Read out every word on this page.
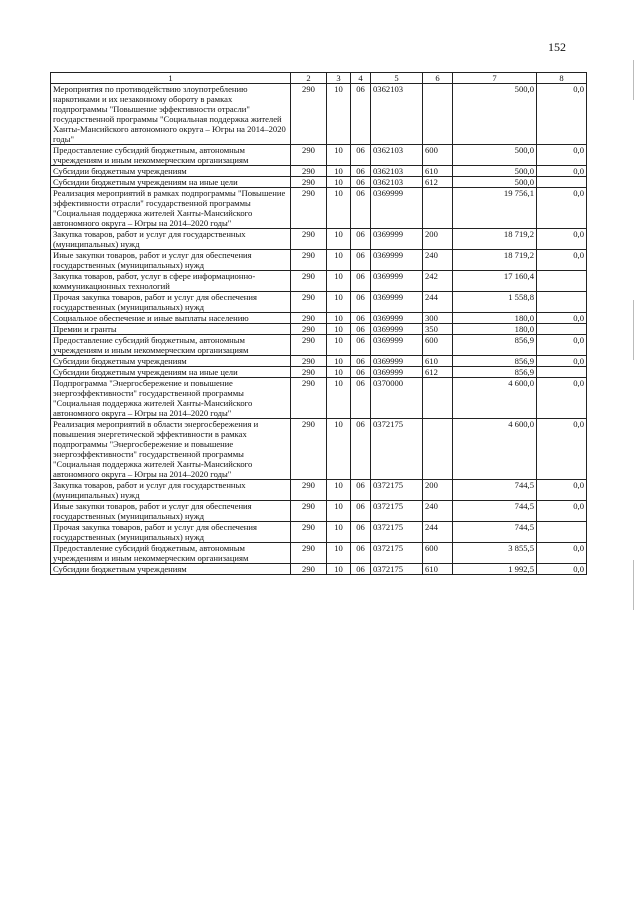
152
1	2	3	4	5	6	7	8
Мероприятия по противодействию злоупотреблению наркотиками и их незаконному обороту в рамках подпрограммы "Повышение эффективности отрасли" государственной программы "Социальная поддержка жителей Ханты-Мансийского автономного округа – Югры на 2014–2020 годы"	290	10	06	0362103		500,0	0,0
Предоставление субсидий бюджетным, автономным учреждениям и иным некоммерческим организациям	290	10	06	0362103	600	500,0	0,0
Субсидии бюджетным учреждениям	290	10	06	0362103	610	500,0	0,0
Субсидии бюджетным учреждениям на иные цели	290	10	06	0362103	612	500,0	
Реализация мероприятий в рамках подпрограммы "Повышение эффективности отрасли" государственной программы "Социальная поддержка жителей Ханты-Мансийского автономного округа – Югры на 2014–2020 годы"	290	10	06	0369999		19 756,1	0,0
Закупка товаров, работ и услуг для государственных (муниципальных) нужд	290	10	06	0369999	200	18 719,2	0,0
Иные закупки товаров, работ и услуг для обеспечения государственных (муниципальных) нужд	290	10	06	0369999	240	18 719,2	0,0
Закупка товаров, работ, услуг в сфере информационно-коммуникационных технологий	290	10	06	0369999	242	17 160,4	
Прочая закупка товаров, работ и услуг для обеспечения государственных (муниципальных) нужд	290	10	06	0369999	244	1 558,8	
Социальное обеспечение и иные выплаты населению	290	10	06	0369999	300	180,0	0,0
Премии и гранты	290	10	06	0369999	350	180,0	
Предоставление субсидий бюджетным, автономным учреждениям и иным некоммерческим организациям	290	10	06	0369999	600	856,9	0,0
Субсидии бюджетным учреждениям	290	10	06	0369999	610	856,9	0,0
Субсидии бюджетным учреждениям на иные цели	290	10	06	0369999	612	856,9	
Подпрограмма "Энергосбережение и повышение энергоэффективности" государственной программы "Социальная поддержка жителей Ханты-Мансийского автономного округа – Югры на 2014–2020 годы"	290	10	06	0370000		4 600,0	0,0
Реализация мероприятий в области энергосбережения и повышения энергетической эффективности в рамках подпрограммы "Энергосбережение и повышение энергоэффективности" государственной программы "Социальная поддержка жителей Ханты-Мансийского автономного округа – Югры на 2014–2020 годы"	290	10	06	0372175		4 600,0	0,0
Закупка товаров, работ и услуг для государственных (муниципальных) нужд	290	10	06	0372175	200	744,5	0,0
Иные закупки товаров, работ и услуг для обеспечения государственных (муниципальных) нужд	290	10	06	0372175	240	744,5	0,0
Прочая закупка товаров, работ и услуг для обеспечения государственных (муниципальных) нужд	290	10	06	0372175	244	744,5	
Предоставление субсидий бюджетным, автономным учреждениям и иным некоммерческим организациям	290	10	06	0372175	600	3 855,5	0,0
Субсидии бюджетным учреждениям	290	10	06	0372175	610	1 992,5	0,0
